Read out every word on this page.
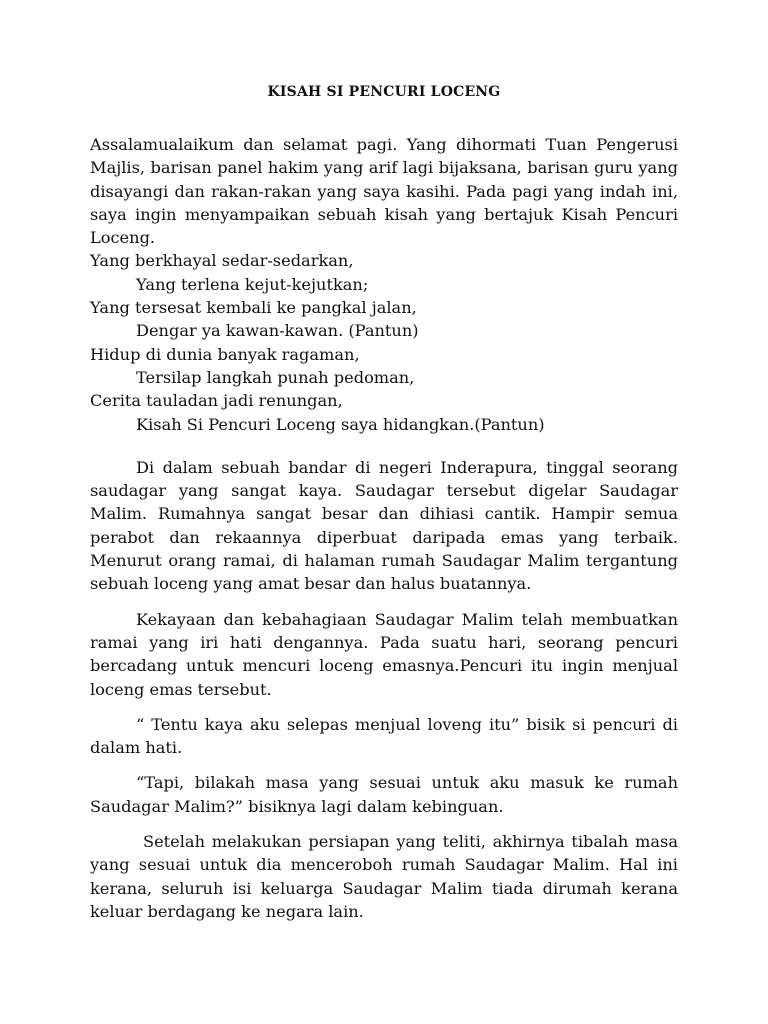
KISAH SI PENCURI LOCENG

Assalamualaikum dan selamat pagi. Yang dihormati Tuan Pengerusi Majlis, barisan panel hakim yang arif lagi bijaksana, barisan guru yang disayangi dan rakan-rakan yang saya kasihi. Pada pagi yang indah ini, saya ingin menyampaikan sebuah kisah yang bertajuk Kisah Pencuri Loceng.

Yang berkhayal sedar-sedarkan,
Yang terlena kejut-kejutkan;
Yang tersesat kembali ke pangkal jalan,
Dengar ya kawan-kawan. (Pantun)
Hidup di dunia banyak ragaman,
Tersilap langkah punah pedoman,
Cerita tauladan jadi renungan,
Kisah Si Pencuri Loceng saya hidangkan.(Pantun)

Di dalam sebuah bandar di negeri Inderapura, tinggal seorang saudagar yang sangat kaya. Saudagar tersebut digelar Saudagar Malim. Rumahnya sangat besar dan dihiasi cantik. Hampir semua perabot dan rekaannya diperbuat daripada emas yang terbaik. Menurut orang ramai, di halaman rumah Saudagar Malim tergantung sebuah loceng yang amat besar dan halus buatannya.

Kekayaan dan kebahagiaan Saudagar Malim telah membuatkan ramai yang iri hati dengannya. Pada suatu hari, seorang pencuri bercadang untuk mencuri loceng emasnya.Pencuri itu ingin menjual loceng emas tersebut.

“ Tentu kaya aku selepas menjual loveng itu” bisik si pencuri di dalam hati.

“Tapi, bilakah masa yang sesuai untuk aku masuk ke rumah Saudagar Malim?” bisiknya lagi dalam kebinguan.

Setelah melakukan persiapan yang teliti, akhirnya tibalah masa yang sesuai untuk dia menceroboh rumah Saudagar Malim. Hal ini kerana, seluruh isi keluarga Saudagar Malim tiada dirumah kerana keluar berdagang ke negara lain.
